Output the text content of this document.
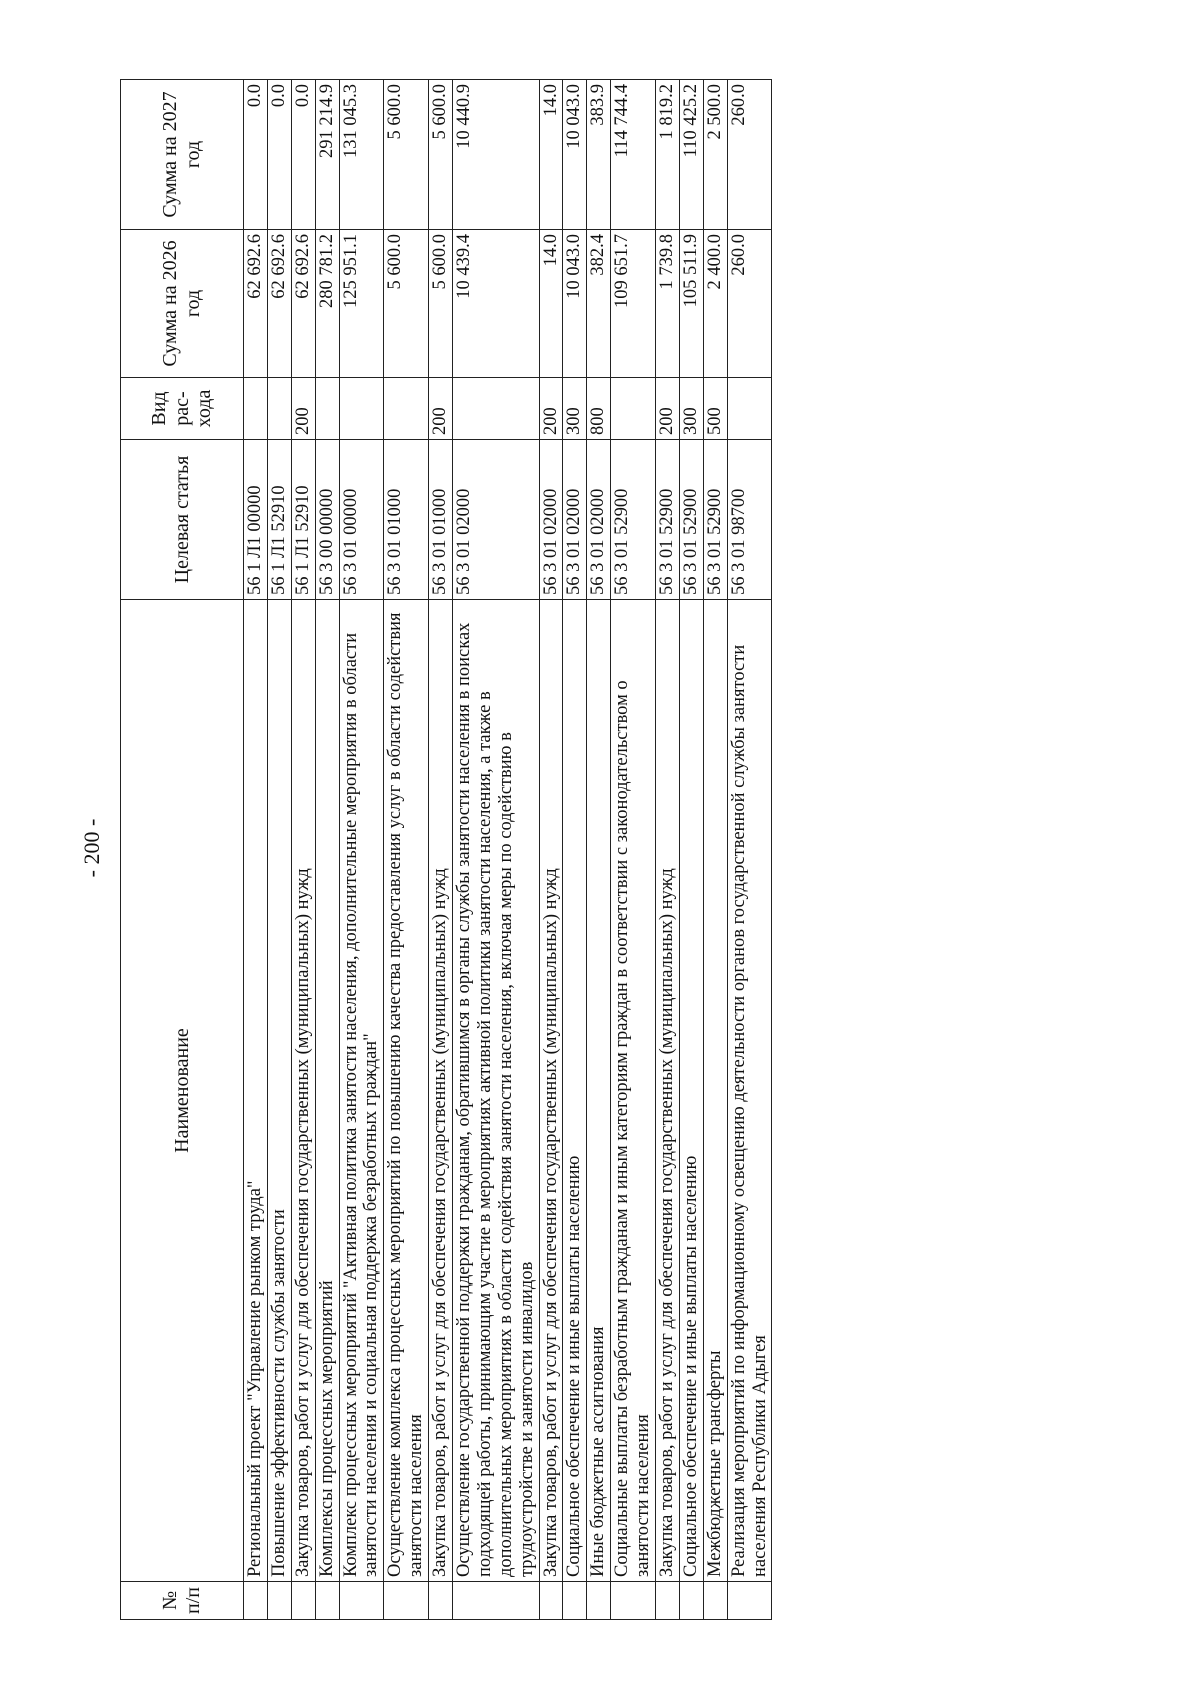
- 200 -
№ п/п	Наименование	Целевая статья	Вид рас- хода	Сумма на 2026 год	Сумма на 2027 год
	Региональный проект "Управление рынком труда"	56 1 Л1 00000		62 692.6	0.0
	Повышение эффективности службы занятости	56 1 Л1 52910		62 692.6	0.0
	Закупка товаров, работ и услуг для обеспечения государственных (муниципальных) нужд	56 1 Л1 52910	200	62 692.6	0.0
	Комплексы процессных мероприятий	56 3 00 00000		280 781.2	291 214.9
	Комплекс процессных мероприятий "Активная политика занятости населения, дополнительные мероприятия в области занятости населения и социальная поддержка безработных граждан"	56 3 01 00000		125 951.1	131 045.3
	Осуществление комплекса процессных мероприятий по повышению качества предоставления услуг в области содействия занятости населения	56 3 01 01000		5 600.0	5 600.0
	Закупка товаров, работ и услуг для обеспечения государственных (муниципальных) нужд	56 3 01 01000	200	5 600.0	5 600.0
	Осуществление государственной поддержки гражданам, обратившимся в органы службы занятости населения в поисках подходящей работы, принимающим участие в мероприятиях активной политики занятости населения, а также в дополнительных мероприятиях в области содействия занятости населения, включая меры по содействию в трудоустройстве и занятости инвалидов	56 3 01 02000		10 439.4	10 440.9
	Закупка товаров, работ и услуг для обеспечения государственных (муниципальных) нужд	56 3 01 02000	200	14.0	14.0
	Социальное обеспечение и иные выплаты населению	56 3 01 02000	300	10 043.0	10 043.0
	Иные бюджетные ассигнования	56 3 01 02000	800	382.4	383.9
	Социальные выплаты безработным гражданам и иным категориям граждан в соответствии с законодательством о занятости населения	56 3 01 52900		109 651.7	114 744.4
	Закупка товаров, работ и услуг для обеспечения государственных (муниципальных) нужд	56 3 01 52900	200	1 739.8	1 819.2
	Социальное обеспечение и иные выплаты населению	56 3 01 52900	300	105 511.9	110 425.2
	Межбюджетные трансферты	56 3 01 52900	500	2 400.0	2 500.0
	Реализация мероприятий по информационному освещению деятельности органов государственной службы занятости населения Республики Адыгея	56 3 01 98700		260.0	260.0
